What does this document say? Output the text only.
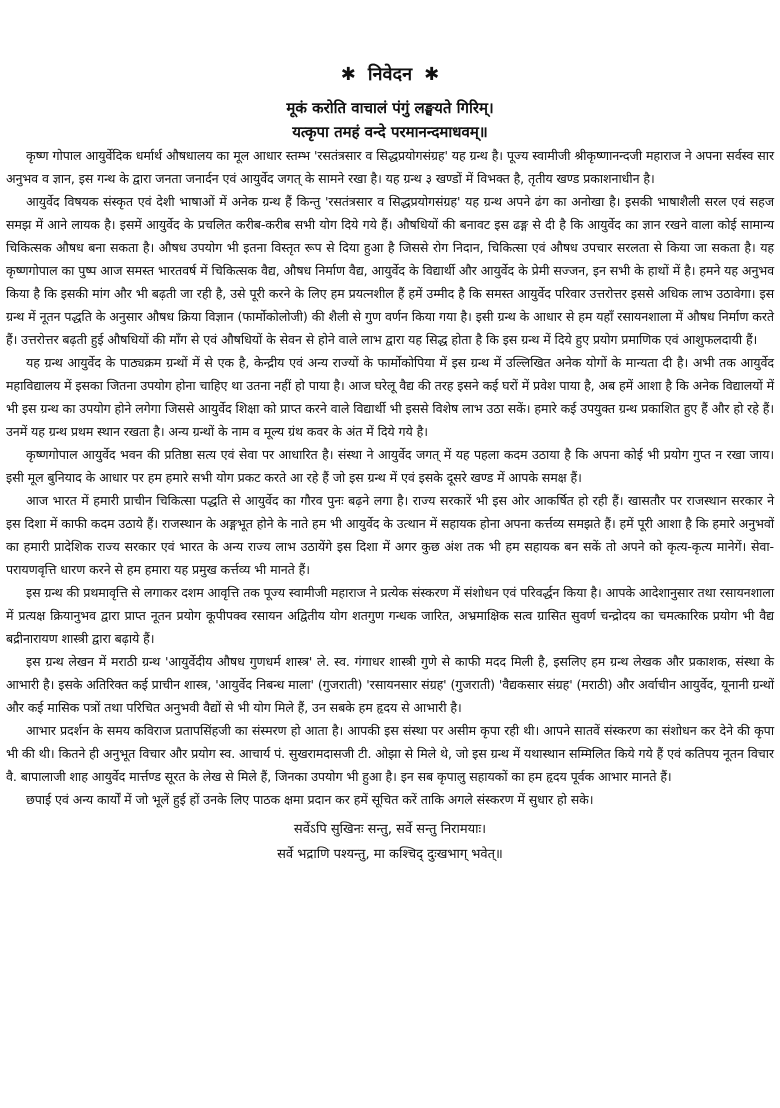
✱ निवेदन ✱

मूकं करोति वाचालं पंगुं लङ्घयते गिरिम्।

यत्कृपा तमहं वन्दे परमानन्दमाधवम्॥

कृष्ण गोपाल आयुर्वेदिक धर्मार्थ औषधालय का मूल आधार स्तम्भ 'रसतंत्रसार व सिद्धप्रयोगसंग्रह' यह ग्रन्थ है। पूज्य स्वामीजी श्रीकृष्णानन्दजी महाराज ने अपना सर्वस्व सार अनुभव व ज्ञान, इस गन्थ के द्वारा जनता जनार्दन एवं आयुर्वेद जगत् के सामने रखा है। यह ग्रन्थ ३ खण्डों में विभक्त है, तृतीय खण्ड प्रकाशनाधीन है।

आयुर्वेद विषयक संस्कृत एवं देशी भाषाओं में अनेक ग्रन्थ हैं किन्तु 'रसतंत्रसार व सिद्धप्रयोगसंग्रह' यह ग्रन्थ अपने ढंग का अनोखा है। इसकी भाषाशैली सरल एवं सहज समझ में आने लायक है। इसमें आयुर्वेद के प्रचलित करीब-करीब सभी योग दिये गये हैं। औषधियों की बनावट इस ढङ्ग से दी है कि आयुर्वेद का ज्ञान रखने वाला कोई सामान्य चिकित्सक औषध बना सकता है। औषध उपयोग भी इतना विस्तृत रूप से दिया हुआ है जिससे रोग निदान, चिकित्सा एवं औषध उपचार सरलता से किया जा सकता है। यह कृष्णगोपाल का पुष्प आज समस्त भारतवर्ष में चिकित्सक वैद्य, औषध निर्माण वैद्य, आयुर्वेद के विद्यार्थी और आयुर्वेद के प्रेमी सज्जन, इन सभी के हाथों में है। हमने यह अनुभव किया है कि इसकी मांग और भी बढ़ती जा रही है, उसे पूरी करने के लिए हम प्रयत्नशील हैं हमें उम्मीद है कि समस्त आयुर्वेद परिवार उत्तरोत्तर इससे अधिक लाभ उठावेगा। इस ग्रन्थ में नूतन पद्धति के अनुसार औषध क्रिया विज्ञान (फार्मोकोलोजी) की शैली से गुण वर्णन किया गया है। इसी ग्रन्थ के आधार से हम यहाँ रसायनशाला में औषध निर्माण करते हैं। उत्तरोत्तर बढ़ती हुई औषधियों की माँग से एवं औषधियों के सेवन से होने वाले लाभ द्वारा यह सिद्ध होता है कि इस ग्रन्थ में दिये हुए प्रयोग प्रमाणिक एवं आशुफलदायी हैं।

यह ग्रन्थ आयुर्वेद के पाठ्यक्रम ग्रन्थों में से एक है, केन्द्रीय एवं अन्य राज्यों के फार्मोकोपिया में इस ग्रन्थ में उल्लिखित अनेक योगों के मान्यता दी है। अभी तक आयुर्वेद महाविद्यालय में इसका जितना उपयोग होना चाहिए था उतना नहीं हो पाया है। आज घरेलू वैद्य की तरह इसने कई घरों में प्रवेश पाया है, अब हमें आशा है कि अनेक विद्यालयों में भी इस ग्रन्थ का उपयोग होने लगेगा जिससे आयुर्वेद शिक्षा को प्राप्त करने वाले विद्यार्थी भी इससे विशेष लाभ उठा सकें। हमारे कई उपयुक्त ग्रन्थ प्रकाशित हुए हैं और हो रहे हैं। उनमें यह ग्रन्थ प्रथम स्थान रखता है। अन्य ग्रन्थों के नाम व मूल्य ग्रंथ कवर के अंत में दिये गये है।

कृष्णगोपाल आयुर्वेद भवन की प्रतिष्ठा सत्य एवं सेवा पर आधारित है। संस्था ने आयुर्वेद जगत् में यह पहला कदम उठाया है कि अपना कोई भी प्रयोग गुप्त न रखा जाय। इसी मूल बुनियाद के आधार पर हम हमारे सभी योग प्रकट करते आ रहे हैं जो इस ग्रन्थ में एवं इसके दूसरे खण्ड में आपके समक्ष हैं।

आज भारत में हमारी प्राचीन चिकित्सा पद्धति से आयुर्वेद का गौरव पुनः बढ़ने लगा है। राज्य सरकारें भी इस ओर आकर्षित हो रही हैं। खासतौर पर राजस्थान सरकार ने इस दिशा में काफी कदम उठाये हैं। राजस्थान के अङ्गभूत होने के नाते हम भी आयुर्वेद के उत्थान में सहायक होना अपना कर्त्तव्य समझते हैं। हमें पूरी आशा है कि हमारे अनुभवों का हमारी प्रादेशिक राज्य सरकार एवं भारत के अन्य राज्य लाभ उठायेंगे इस दिशा में अगर कुछ अंश तक भी हम सहायक बन सकें तो अपने को कृत्य-कृत्य मानेगें। सेवा-परायणवृत्ति धारण करने से हम हमारा यह प्रमुख कर्त्तव्य भी मानते हैं।

इस ग्रन्थ की प्रथमावृत्ति से लगाकर दशम आवृत्ति तक पूज्य स्वामीजी महाराज ने प्रत्येक संस्करण में संशोधन एवं परिवर्द्धन किया है। आपके आदेशानुसार तथा रसायनशाला में प्रत्यक्ष क्रियानुभव द्वारा प्राप्त नूतन प्रयोग कूपीपक्व रसायन अद्वितीय योग शतगुण गन्धक जारित, अभ्रमाक्षिक सत्व ग्रासित सुवर्ण चन्द्रोदय का चमत्कारिक प्रयोग भी वैद्य बद्रीनारायण शास्त्री द्वारा बढ़ाये हैं।

इस ग्रन्थ लेखन में मराठी ग्रन्थ 'आयुर्वेदीय औषध गुणधर्म शास्त्र' ले. स्व. गंगाधर शास्त्री गुणे से काफी मदद मिली है, इसलिए हम ग्रन्थ लेखक और प्रकाशक, संस्था के आभारी है। इसके अतिरिक्त कई प्राचीन शास्त्र, 'आयुर्वेद निबन्ध माला' (गुजराती) 'रसायनसार संग्रह' (गुजराती) 'वैद्यकसार संग्रह' (मराठी) और अर्वाचीन आयुर्वेद, यूनानी ग्रन्थों और कई मासिक पत्रों तथा परिचित अनुभवी वैद्यों से भी योग मिले हैं, उन सबके हम हृदय से आभारी है।

आभार प्रदर्शन के समय कविराज प्रतापसिंहजी का संस्मरण हो आता है। आपकी इस संस्था पर असीम कृपा रही थी। आपने सातवें संस्करण का संशोधन कर देने की कृपा भी की थी। कितने ही अनुभूत विचार और प्रयोग स्व. आचार्य पं. सुखरामदासजी टी. ओझा से मिले थे, जो इस ग्रन्थ में यथास्थान सम्मिलित किये गये हैं एवं कतिपय नूतन विचार वै. बापालाजी शाह आयुर्वेद मार्त्तण्ड सूरत के लेख से मिले हैं, जिनका उपयोग भी हुआ है। इन सब कृपालु सहायकों का हम हृदय पूर्वक आभार मानते हैं।

छपाई एवं अन्य कार्यों में जो भूलें हुई हों उनके लिए पाठक क्षमा प्रदान कर हमें सूचित करें ताकि अगले संस्करण में सुधार हो सके।

सर्वेऽपि सुखिनः सन्तु, सर्वे सन्तु निरामयाः।

सर्वे भद्राणि पश्यन्तु, मा कश्चिद् दुःखभाग् भवेत्॥
